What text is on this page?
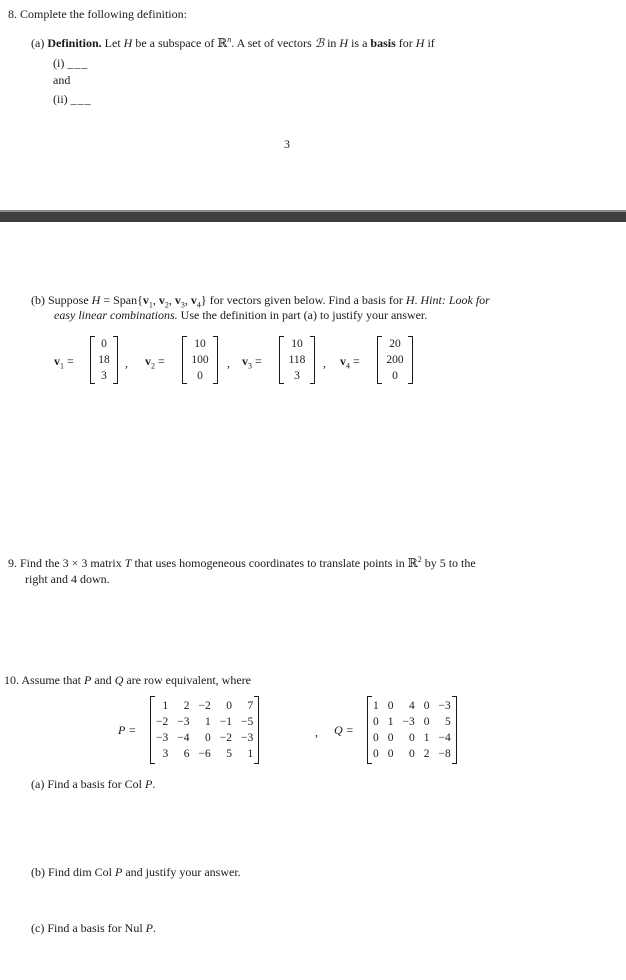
8. Complete the following definition:
(a) Definition. Let H be a subspace of ℝ$^n$. A set of vectors ℬ in H is a basis for H if
(i) ___
and
(ii) ___
3
(b) Suppose $H = Span\{v_1$, $v_2$, $v_3$, $v_4$} for vectors given below. Find a basis for H. Hint: Look for
easy linear combinations. Use the definition in part (a) to justify your answer.
$v_1$ =
0
18
3
, $v_2$ =
10
100
0
, $v_3$ =
10
118
3
, $v_4$ =
20
200
0
9. Find the 3 × 3 matrix T that uses homogeneous coordinates to translate points in ℝ$^2$ by 5 to the
right and 4 down.
10. Assume that P and Q are row equivalent, where
P =
1	2	−2	0	7
−2	−3	1	−1	−5
−3	−4	0	−2	−3
3	6	−6	5	1
, Q =
1	0	4	0	−3
0	1	−3	0	5
0	0	0	1	−4
0	0	0	2	−8
(a) Find a basis for Col P.
(b) Find dim Col P and justify your answer.
(c) Find a basis for Nul P.
